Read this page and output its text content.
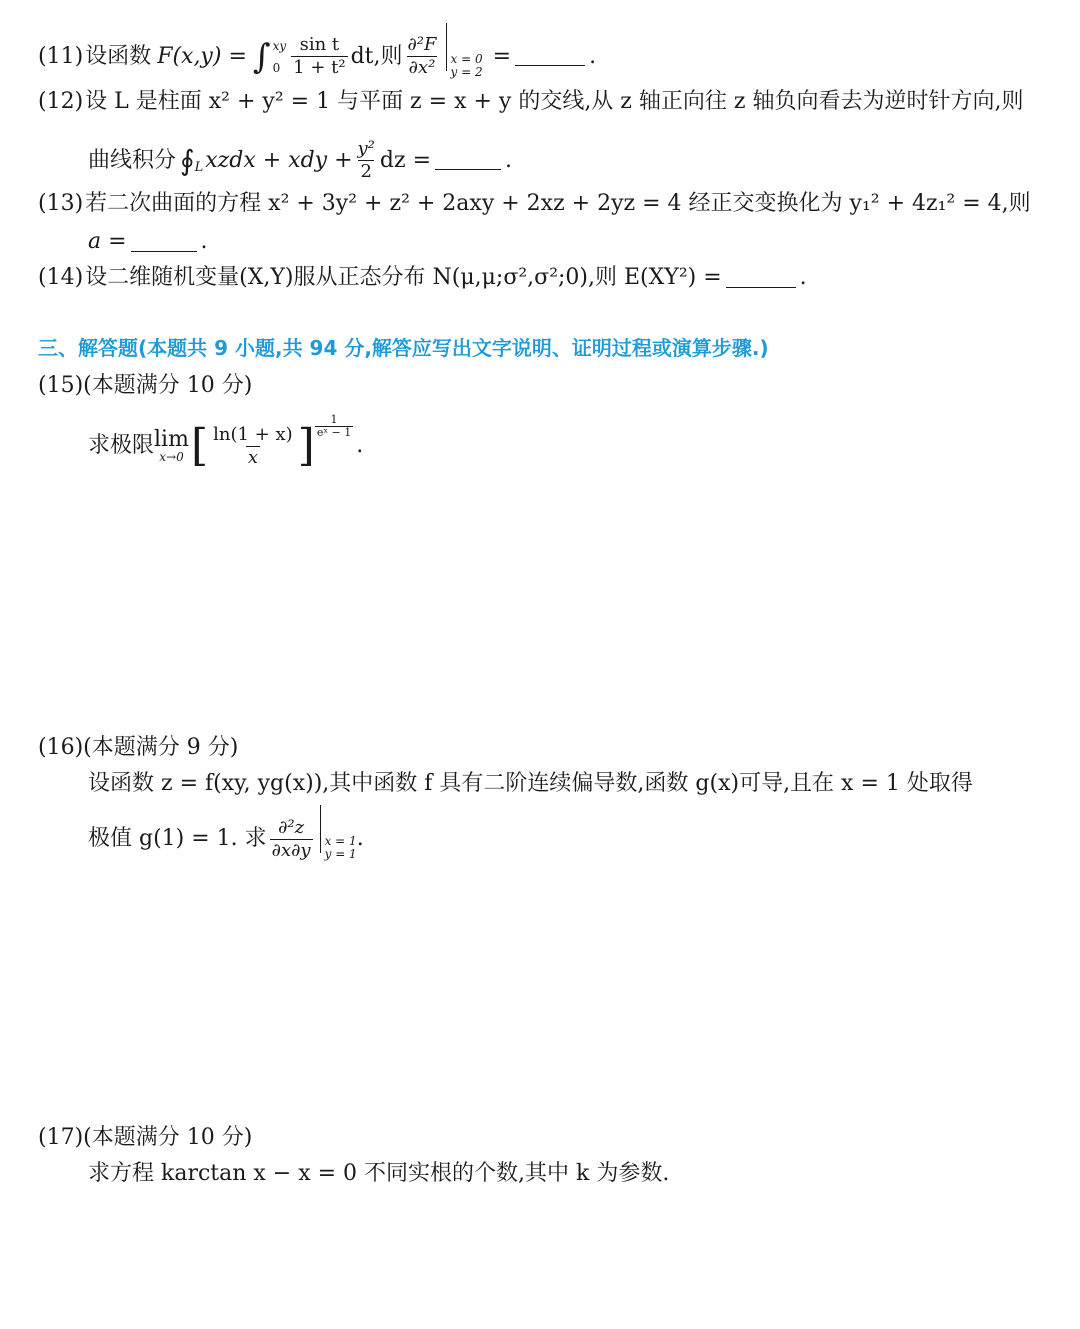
(11) 设函数 F (x,y) = ∫ xy
$0 \frac{\text{sin t}}{\text{1 + t²}}$ dt,则 $\frac{\text{∂²F}}{\text{∂x²}}$ x = 0
y = 2
=	.
(12) 设 L 是柱面 x² + y² = 1 与平面 z = x + y 的交线,从 z 轴正向往 z 轴负向看去为逆时针方向,则
曲线积分 ∮ L xzdx + xdy + $\frac{\text{y²}}{2}$ dz =	.
(13) 若二次曲面的方程 x² + 3y² + z² + 2axy + 2xz + 2yz = 4 经正交变换化为 y₁² + 4z₁² = 4,则
a =	.
(14) 设二维随机变量(X,Y)服从正态分布 N(μ,μ;σ²,σ²;0),则 E(XY²) =	.
三、解答题(本题共 9 小题,共 94 分,解答应写出文字说明、证明过程或演算步骤.)
(15)(本题满分 10 分)
求极限 lim
x→0 [ $\frac{\ln(1 + x)}{x}$ ] $\frac{1}{\text{eˣ − 1}}$
.
(16)(本题满分 9 分)
设函数 z = f(xy, yg(x)),其中函数 f 具有二阶连续偏导数,函数 g(x)可导,且在 x = 1 处取得
极值 g(1) = 1. 求 $\frac{\text{∂²z}}{\partial x\partial y}$ x = 1
y = 1
.
(17)(本题满分 10 分)
求方程 karctan x − x = 0 不同实根的个数,其中 k 为参数.
